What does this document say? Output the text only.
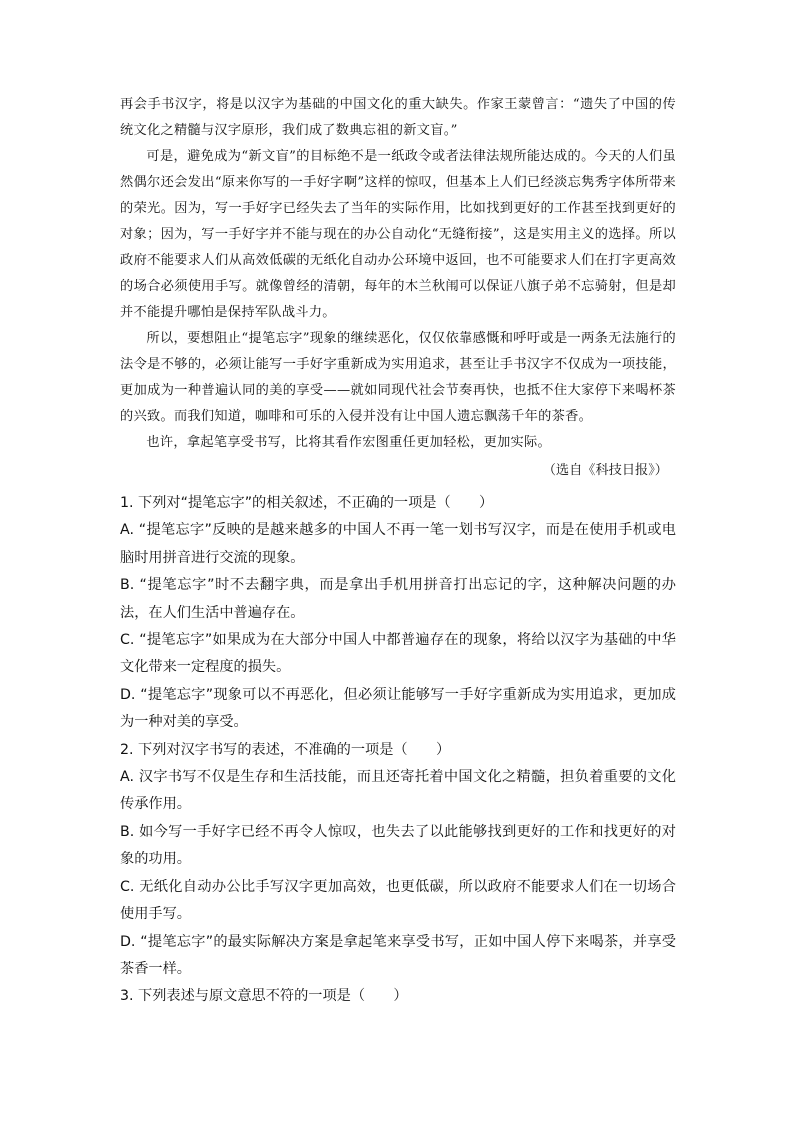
再会手书汉字，将是以汉字为基础的中国文化的重大缺失。作家王蒙曾言：“遗失了中国的传统文化之精髓与汉字原形，我们成了数典忘祖的新文盲。”

可是，避免成为“新文盲”的目标绝不是一纸政令或者法律法规所能达成的。今天的人们虽然偶尔还会发出“原来你写的一手好字啊”这样的惊叹，但基本上人们已经淡忘隽秀字体所带来的荣光。因为，写一手好字已经失去了当年的实际作用，比如找到更好的工作甚至找到更好的对象；因为，写一手好字并不能与现在的办公自动化“无缝衔接”，这是实用主义的选择。所以政府不能要求人们从高效低碳的无纸化自动办公环境中返回，也不可能要求人们在打字更高效的场合必须使用手写。就像曾经的清朝，每年的木兰秋闱可以保证八旗子弟不忘骑射，但是却并不能提升哪怕是保持军队战斗力。

所以，要想阻止“提笔忘字”现象的继续恶化，仅仅依靠感慨和呼吁或是一两条无法施行的法令是不够的，必须让能写一手好字重新成为实用追求，甚至让手书汉字不仅成为一项技能，更加成为一种普遍认同的美的享受——就如同现代社会节奏再快，也抵不住大家停下来喝杯茶的兴致。而我们知道，咖啡和可乐的入侵并没有让中国人遗忘飘荡千年的茶香。

也许，拿起笔享受书写，比将其看作宏图重任更加轻松，更加实际。

（选自《科技日报》）

1. 下列对“提笔忘字”的相关叙述，不正确的一项是（　　）

A. “提笔忘字”反映的是越来越多的中国人不再一笔一划书写汉字，而是在使用手机或电脑时用拼音进行交流的现象。

B. “提笔忘字”时不去翻字典，而是拿出手机用拼音打出忘记的字，这种解决问题的办法，在人们生活中普遍存在。

C. “提笔忘字”如果成为在大部分中国人中都普遍存在的现象，将给以汉字为基础的中华文化带来一定程度的损失。

D. “提笔忘字”现象可以不再恶化，但必须让能够写一手好字重新成为实用追求，更加成为一种对美的享受。

2. 下列对汉字书写的表述，不准确的一项是（　　）

A. 汉字书写不仅是生存和生活技能，而且还寄托着中国文化之精髓，担负着重要的文化传承作用。

B. 如今写一手好字已经不再令人惊叹，也失去了以此能够找到更好的工作和找更好的对象的功用。

C. 无纸化自动办公比手写汉字更加高效，也更低碳，所以政府不能要求人们在一切场合使用手写。

D. “提笔忘字”的最实际解决方案是拿起笔来享受书写，正如中国人停下来喝茶，并享受茶香一样。

3. 下列表述与原文意思不符的一项是（　　）
